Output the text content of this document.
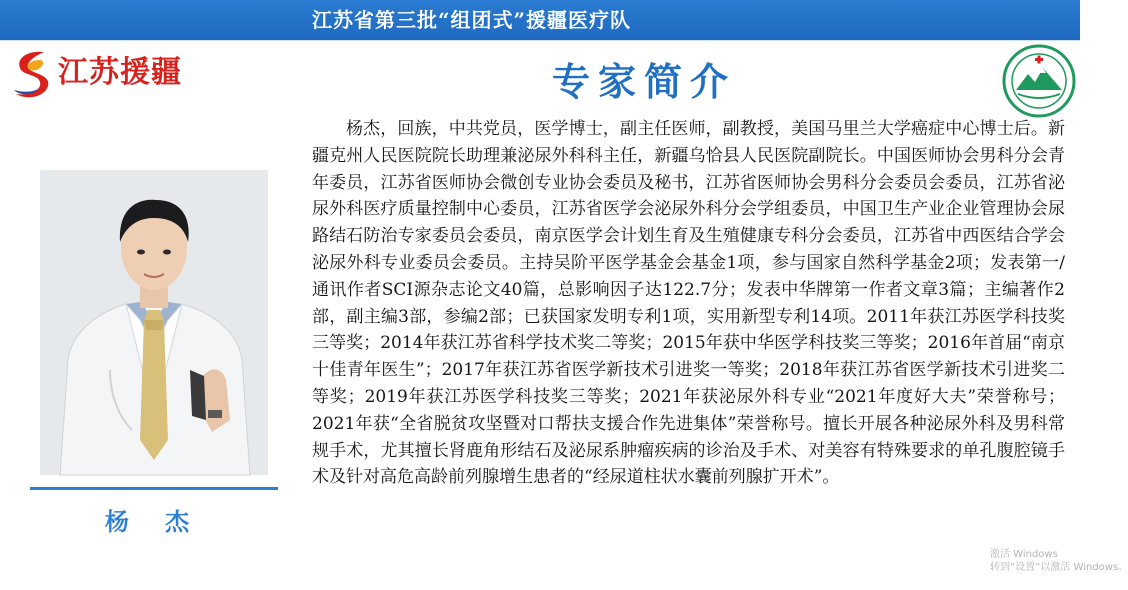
江苏省第三批“组团式”援疆医疗队
江苏援疆	专家简介
杨 杰

杨杰，回族，中共党员，医学博士，副主任医师，副教授，美国马里兰大学癌症中心博士后。新疆克州人民医院院长助理兼泌尿外科科主任，新疆乌恰县人民医院副院长。中国医师协会男科分会青年委员，江苏省医师协会微创专业协会委员及秘书，江苏省医师协会男科分会委员会委员，江苏省泌尿外科医疗质量控制中心委员，江苏省医学会泌尿外科分会学组委员，中国卫生产业企业管理协会尿路结石防治专家委员会委员，南京医学会计划生育及生殖健康专科分会委员，江苏省中西医结合学会泌尿外科专业委员会委员。主持吴阶平医学基金会基金1项，参与国家自然科学基金2项；发表第一/通讯作者SCI源杂志论文40篇，总影响因子达122.7分；发表中华牌第一作者文章3篇；主编著作2部，副主编3部，参编2部；已获国家发明专利1项，实用新型专利14项。2011年获江苏医学科技奖三等奖；2014年获江苏省科学技术奖二等奖；2015年获中华医学科技奖三等奖；2016年首届“南京十佳青年医生”；2017年获江苏省医学新技术引进奖一等奖；2018年获江苏省医学新技术引进奖二等奖；2019年获江苏医学科技奖三等奖；2021年获泌尿外科专业“2021年度好大夫”荣誉称号；2021年获“全省脱贫攻坚暨对口帮扶支援合作先进集体”荣誉称号。擅长开展各种泌尿外科及男科常规手术，尤其擅长肾鹿角形结石及泌尿系肿瘤疾病的诊治及手术、对美容有特殊要求的单孔腹腔镜手术及针对高危高龄前列腺增生患者的“经尿道柱状水囊前列腺扩开术”。

激活 Windows
转到“设置”以激活 Windows。
